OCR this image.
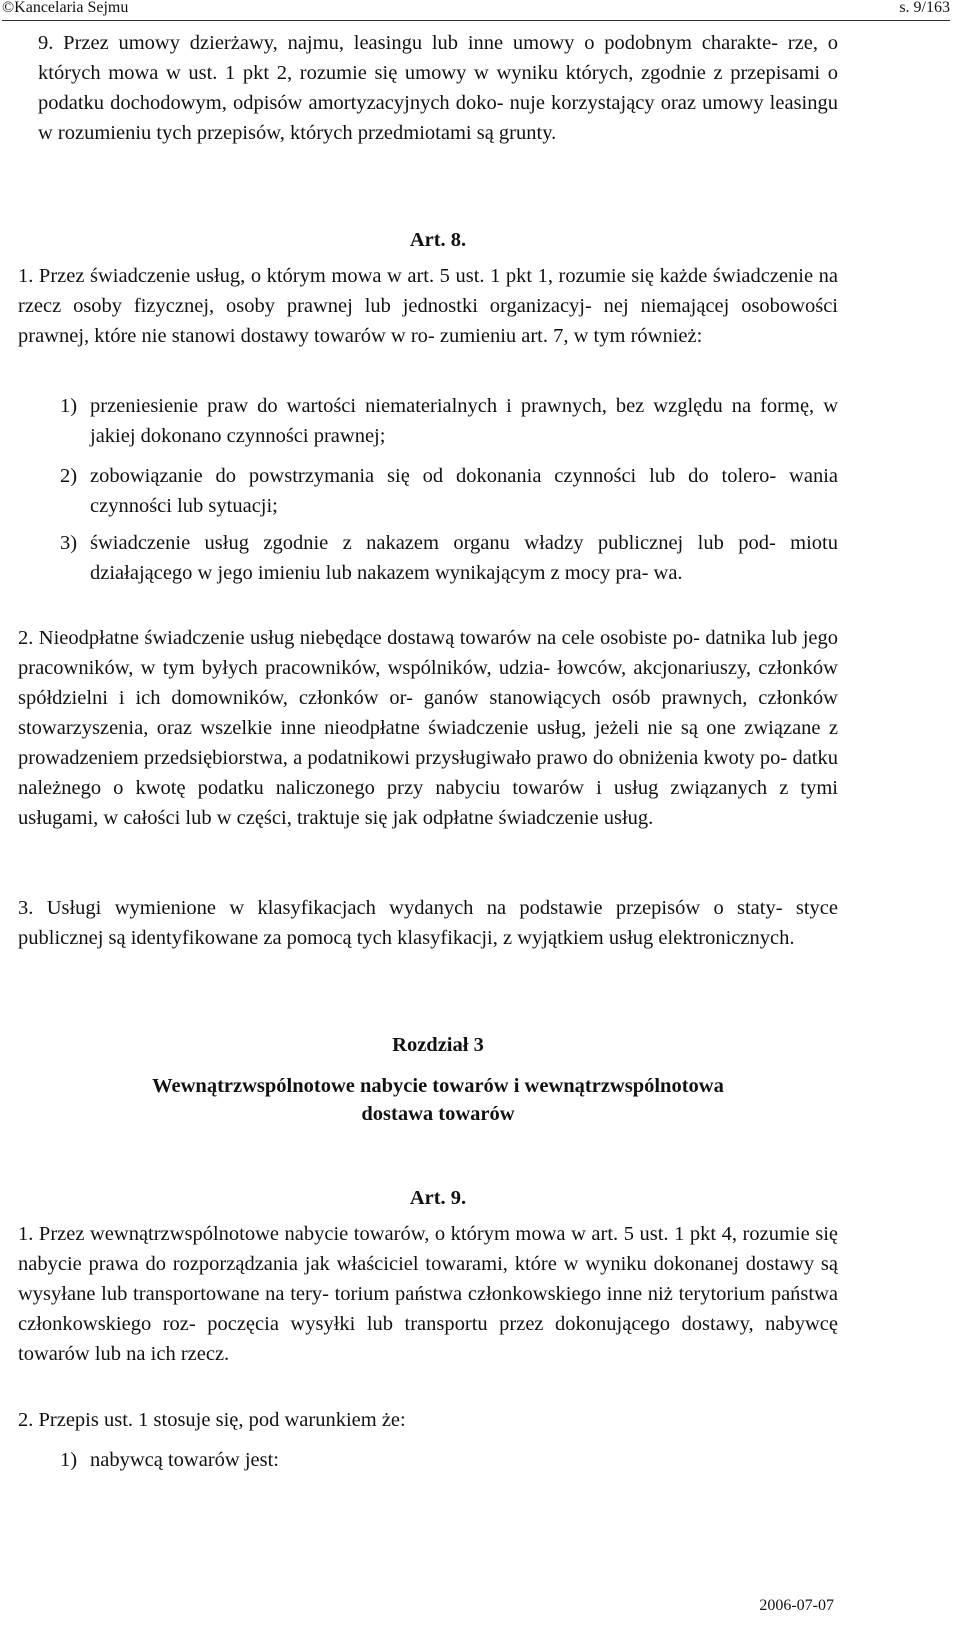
©Kancelaria Sejmu	s. 9/163
9. Przez umowy dzierżawy, najmu, leasingu lub inne umowy o podobnym charakte- rze, o których mowa w ust. 1 pkt 2, rozumie się umowy w wyniku których, zgodnie z przepisami o podatku dochodowym, odpisów amortyzacyjnych doko- nuje korzystający oraz umowy leasingu w rozumieniu tych przepisów, których przedmiotami są grunty.
Art. 8.
1. Przez świadczenie usług, o którym mowa w art. 5 ust. 1 pkt 1, rozumie się każde świadczenie na rzecz osoby fizycznej, osoby prawnej lub jednostki organizacyj- nej niemającej osobowości prawnej, które nie stanowi dostawy towarów w ro- zumieniu art. 7, w tym również:
1) przeniesienie praw do wartości niematerialnych i prawnych, bez względu na formę, w jakiej dokonano czynności prawnej;
2) zobowiązanie do powstrzymania się od dokonania czynności lub do tolero- wania czynności lub sytuacji;
3) świadczenie usług zgodnie z nakazem organu władzy publicznej lub pod- miotu działającego w jego imieniu lub nakazem wynikającym z mocy pra- wa.
2. Nieodpłatne świadczenie usług niebędące dostawą towarów na cele osobiste po- datnika lub jego pracowników, w tym byłych pracowników, wspólników, udzia- łowców, akcjonariuszy, członków spółdzielni i ich domowników, członków or- ganów stanowiących osób prawnych, członków stowarzyszenia, oraz wszelkie inne nieodpłatne świadczenie usług, jeżeli nie są one związane z prowadzeniem przedsiębiorstwa, a podatnikowi przysługiwało prawo do obniżenia kwoty po- datku należnego o kwotę podatku naliczonego przy nabyciu towarów i usług związanych z tymi usługami, w całości lub w części, traktuje się jak odpłatne świadczenie usług.
3. Usługi wymienione w klasyfikacjach wydanych na podstawie przepisów o staty- styce publicznej są identyfikowane za pomocą tych klasyfikacji, z wyjątkiem usług elektronicznych.
Rozdział 3
Wewnątrzwspólnotowe nabycie towarów i wewnątrzwspólnotowa
dostawa towarów
Art. 9.
1. Przez wewnątrzwspólnotowe nabycie towarów, o którym mowa w art. 5 ust. 1 pkt 4, rozumie się nabycie prawa do rozporządzania jak właściciel towarami, które w wyniku dokonanej dostawy są wysyłane lub transportowane na tery- torium państwa członkowskiego inne niż terytorium państwa członkowskiego roz- poczęcia wysyłki lub transportu przez dokonującego dostawy, nabywcę towarów lub na ich rzecz.
2. Przepis ust. 1 stosuje się, pod warunkiem że:
1) nabywcą towarów jest:
2006-07-07
